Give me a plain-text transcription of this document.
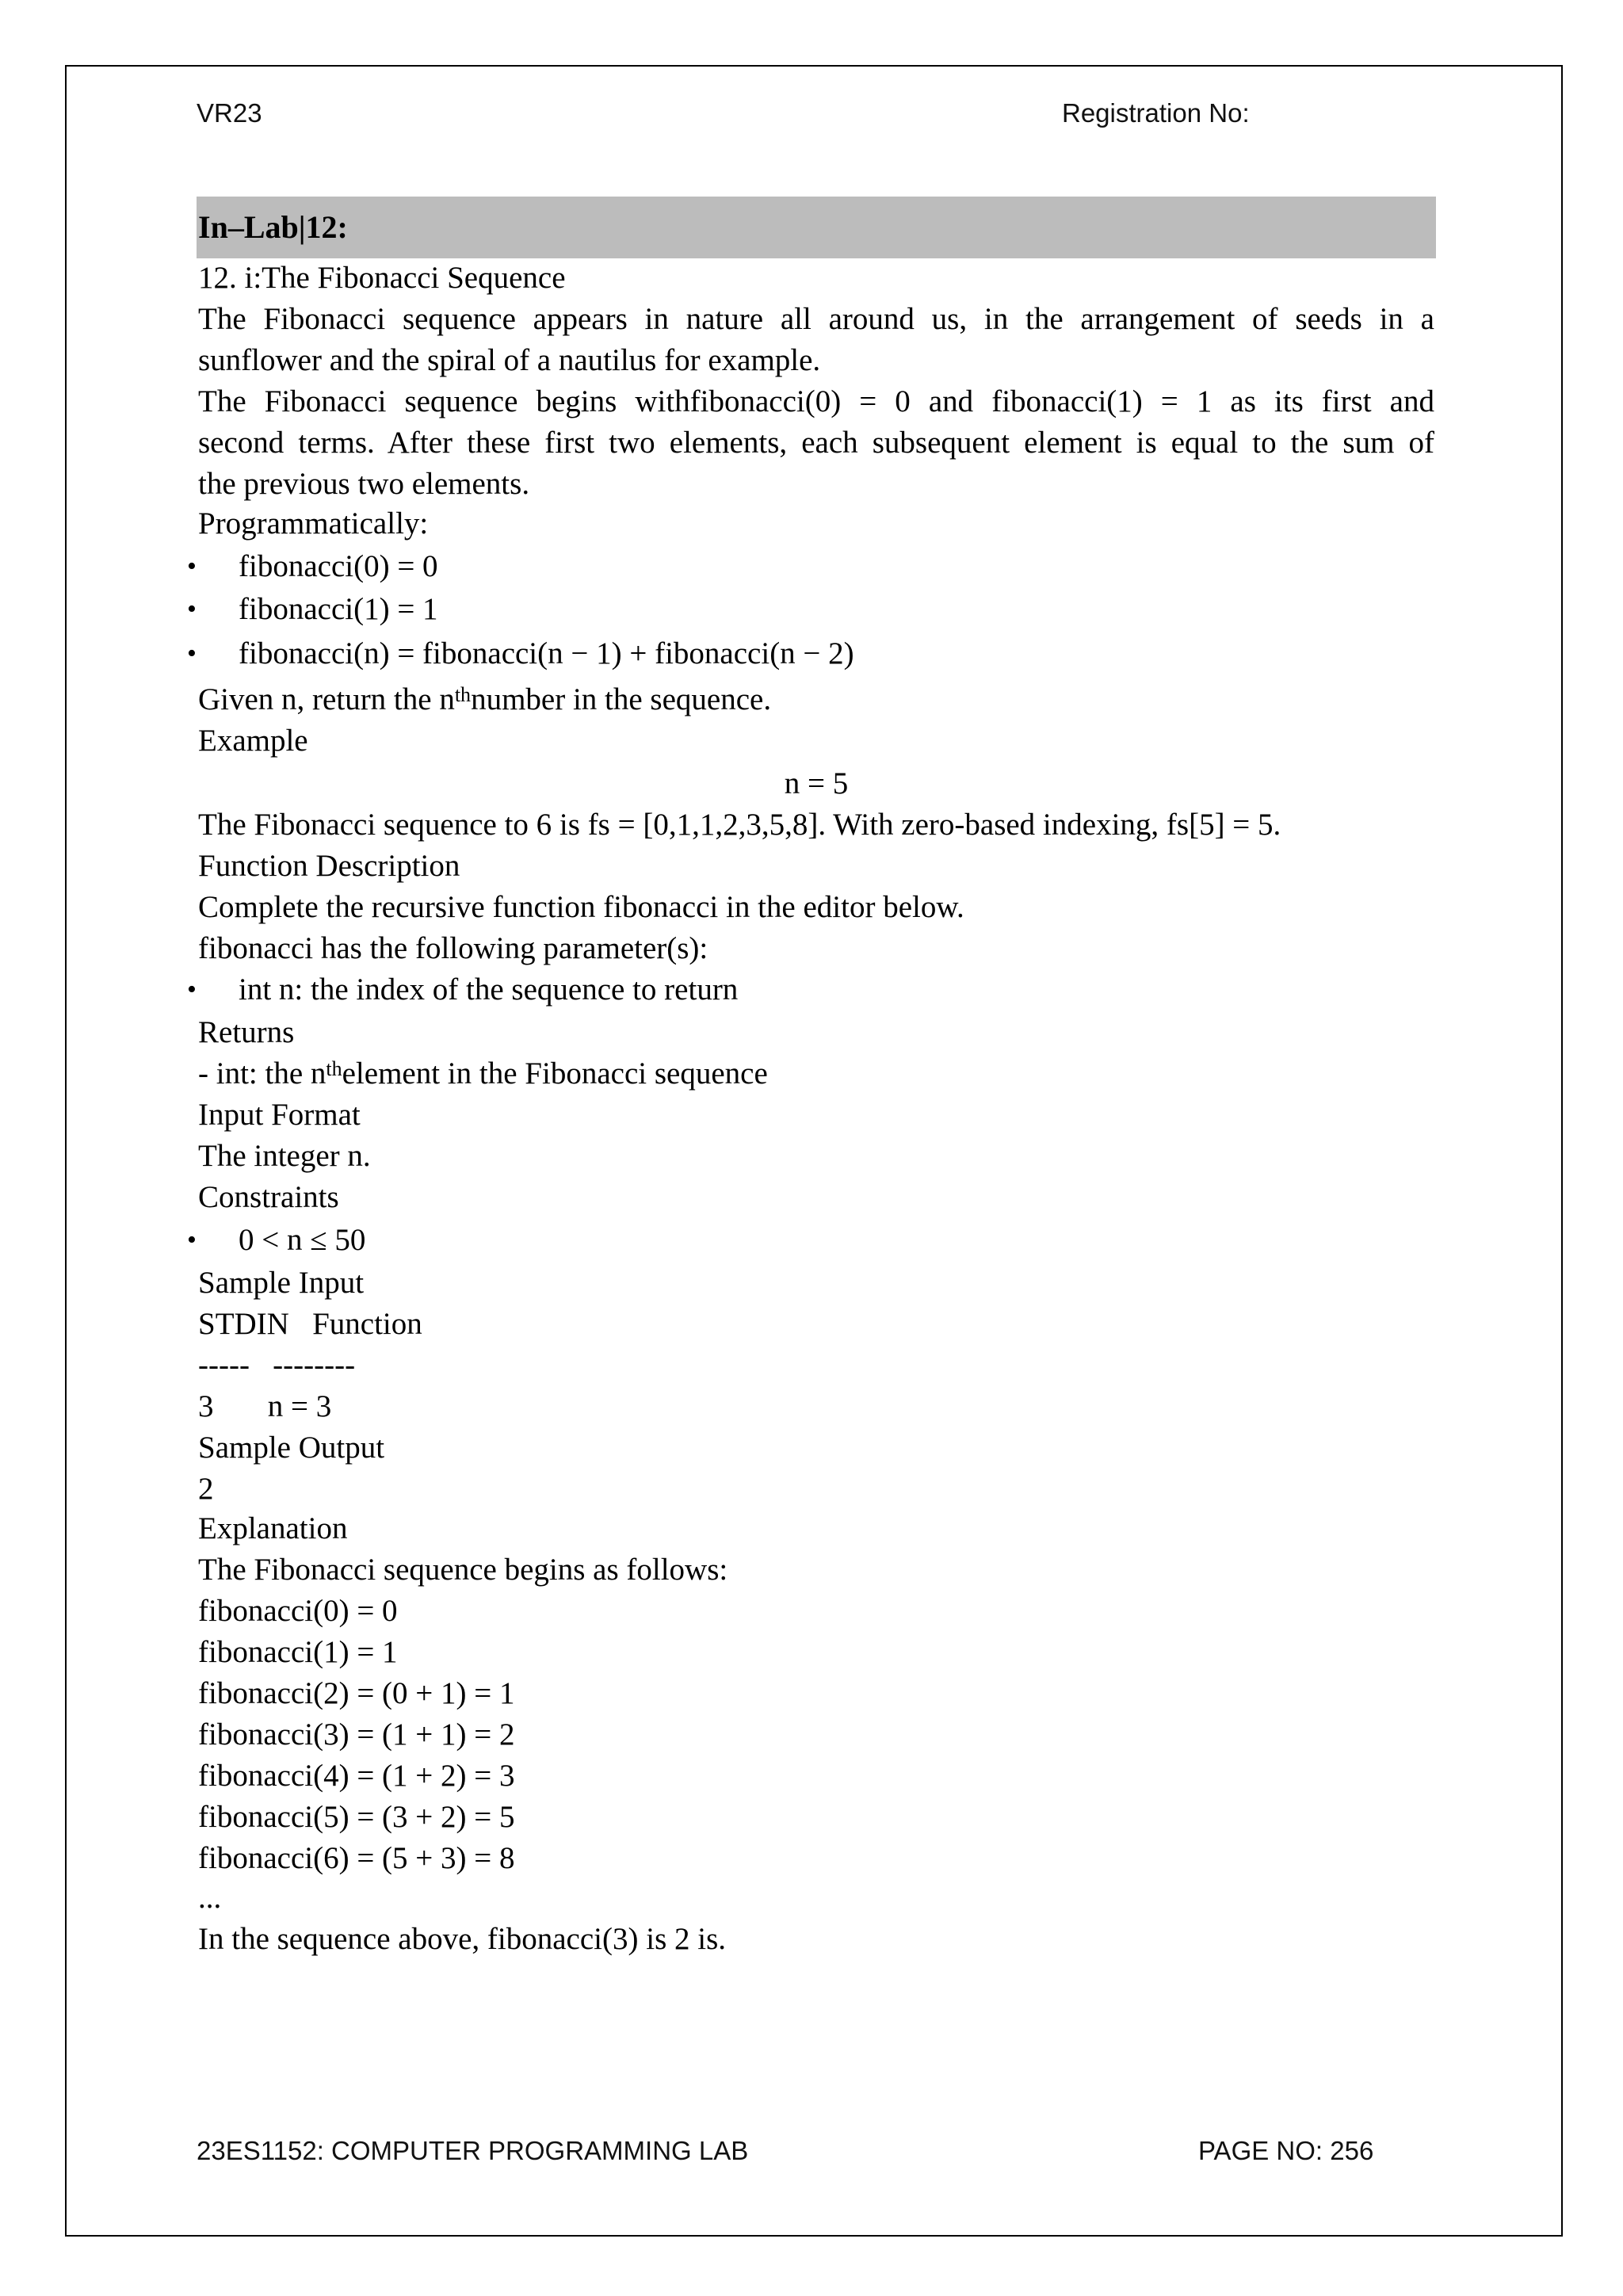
VR23	Registration No:
In–Lab|12:
12. i:The Fibonacci Sequence
The Fibonacci sequence appears in nature all around us, in the arrangement of seeds in a
sunflower and the spiral of a nautilus for example.
The Fibonacci sequence begins withfibonacci(0) = 0 and fibonacci(1) = 1 as its first and
second terms. After these first two elements, each subsequent element is equal to the sum of
the previous two elements.
Programmatically:
•	fibonacci(0) = 0
•	fibonacci(1) = 1
•	fibonacci(n) = fibonacci(n − 1) + fibonacci(n − 2)
Given n, return the $n^{th}number$ in the sequence.
Example
n = 5
The Fibonacci sequence to 6 is fs = [0,1,1,2,3,5,8]. With zero-based indexing, fs[5] = 5.
Function Description
Complete the recursive function fibonacci in the editor below.
fibonacci has the following parameter(s):
•	int n: the index of the sequence to return
Returns
- int: the $n^{th}element$ in the Fibonacci sequence
Input Format
The integer n.
Constraints
•	0 < n ≤ 50
Sample Input
STDIN   Function
-----   --------
3       n = 3
Sample Output
2
Explanation
The Fibonacci sequence begins as follows:
fibonacci(0) = 0
fibonacci(1) = 1
fibonacci(2) = (0 + 1) = 1
fibonacci(3) = (1 + 1) = 2
fibonacci(4) = (1 + 2) = 3
fibonacci(5) = (3 + 2) = 5
fibonacci(6) = (5 + 3) = 8
...
In the sequence above, fibonacci(3) is 2 is.
23ES1152: COMPUTER PROGRAMMING LAB	PAGE NO: 256
